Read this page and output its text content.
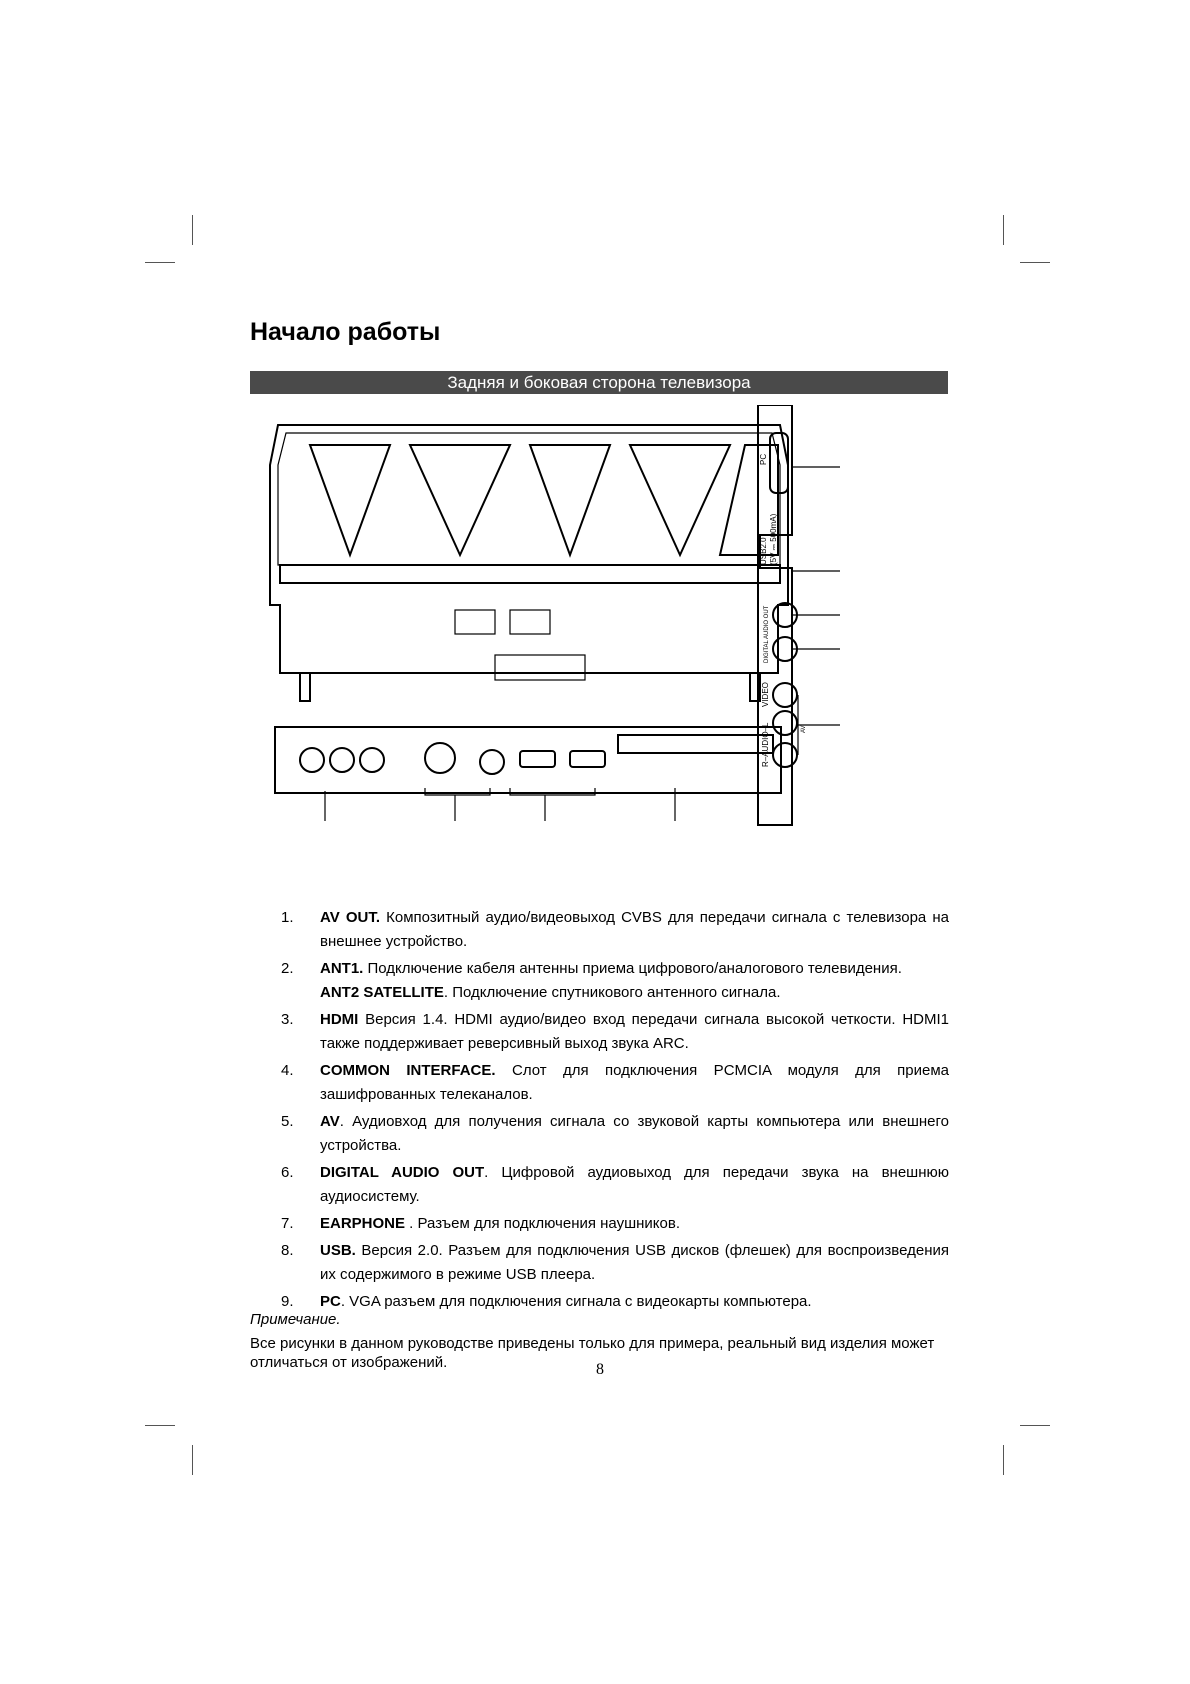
Начало работы
Задняя и боковая сторона телевизора
PC
USB2.0 (5V ⎓ 500mA)
DIGITAL AUDIO OUT
VIDEO
R–AUDIO–L	AV
1. AV OUT. Композитный аудио/видеовыход CVBS для передачи сигнала с телевизора на внешнее устройство.
2. ANT1. Подключение кабеля антенны приема цифрового/аналогового телевидения.
ANT2 SATELLITE. Подключение спутникового антенного сигнала.
3. HDMI Версия 1.4. HDMI аудио/видео вход передачи сигнала высокой четкости. HDMI1 также поддерживает реверсивный выход звука ARC.
4. COMMON INTERFACE. Слот для подключения PCMCIA модуля для приема зашифрованных телеканалов.
5. AV. Аудиовход для получения сигнала со звуковой карты компьютера или внешнего устройства.
6. DIGITAL AUDIO OUT. Цифровой аудиовыход для передачи звука на внешнюю аудиосистему.
7. EARPHONE . Разъем для подключения наушников.
8. USB. Версия 2.0. Разъем для подключения USB дисков (флешек) для воспроизведения их содержимого в режиме USB плеера.
9. PC. VGA разъем для подключения сигнала с видеокарты компьютера.
Примечание.
Все рисунки в данном руководстве приведены только для примера, реальный вид изделия может отличаться от изображений.	8
